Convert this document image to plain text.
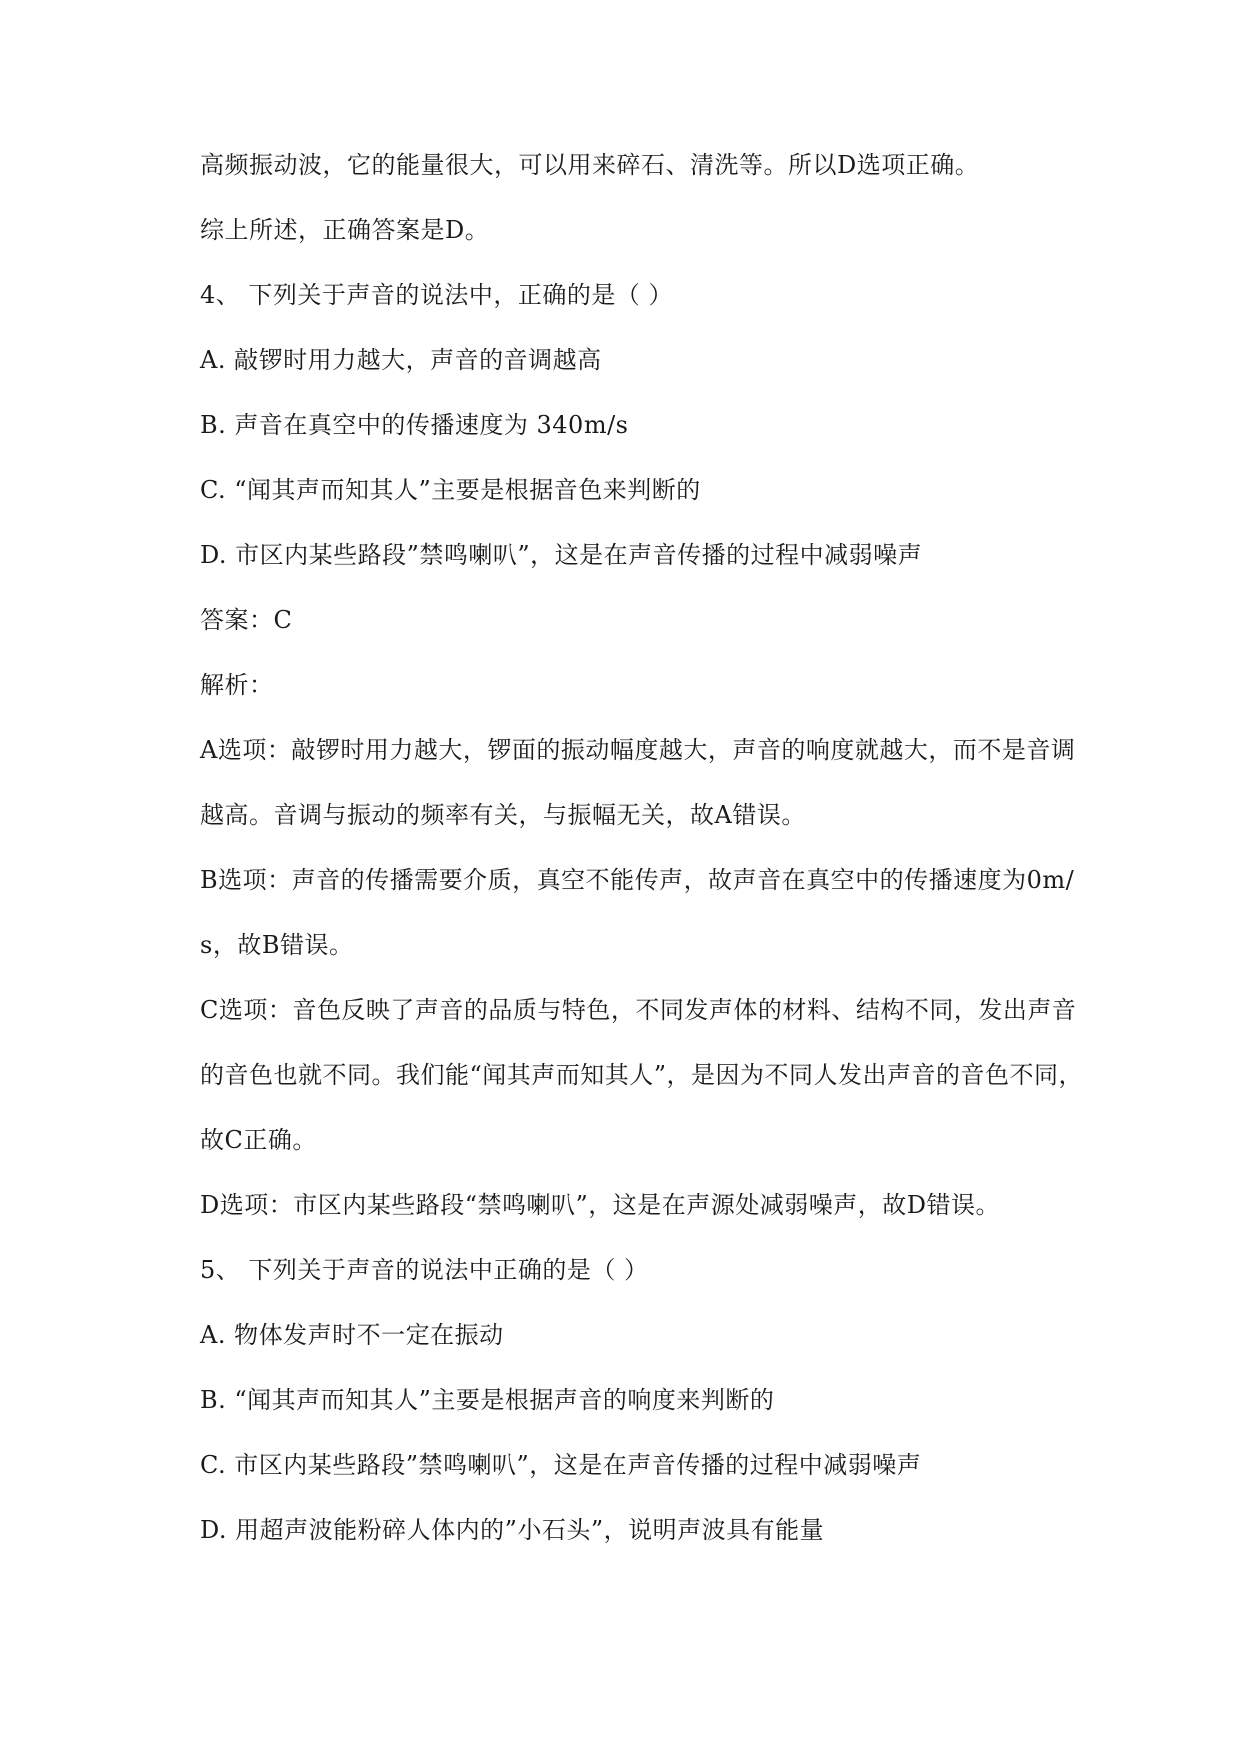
高频振动波，它的能量很大，可以用来碎石、清洗等。所以D选项正确。
综上所述，正确答案是D。
4、 下列关于声音的说法中，正确的是（ ）
A. 敲锣时用力越大，声音的音调越高
B. 声音在真空中的传播速度为 340m/s
C. “闻其声而知其人”主要是根据音色来判断的
D. 市区内某些路段”禁鸣喇叭”，这是在声音传播的过程中减弱噪声
答案：C
解析：
A选项：敲锣时用力越大，锣面的振动幅度越大，声音的响度就越大，而不是音调
越高。音调与振动的频率有关，与振幅无关，故A错误。
B选项：声音的传播需要介质，真空不能传声，故声音在真空中的传播速度为0m/
s，故B错误。
C选项：音色反映了声音的品质与特色，不同发声体的材料、结构不同，发出声音
的音色也就不同。我们能“闻其声而知其人”，是因为不同人发出声音的音色不同，
故C正确。
D选项：市区内某些路段“禁鸣喇叭”，这是在声源处减弱噪声，故D错误。
5、 下列关于声音的说法中正确的是（ ）
A. 物体发声时不一定在振动
B. “闻其声而知其人”主要是根据声音的响度来判断的
C. 市区内某些路段”禁鸣喇叭”，这是在声音传播的过程中减弱噪声
D. 用超声波能粉碎人体内的”小石头”，说明声波具有能量
